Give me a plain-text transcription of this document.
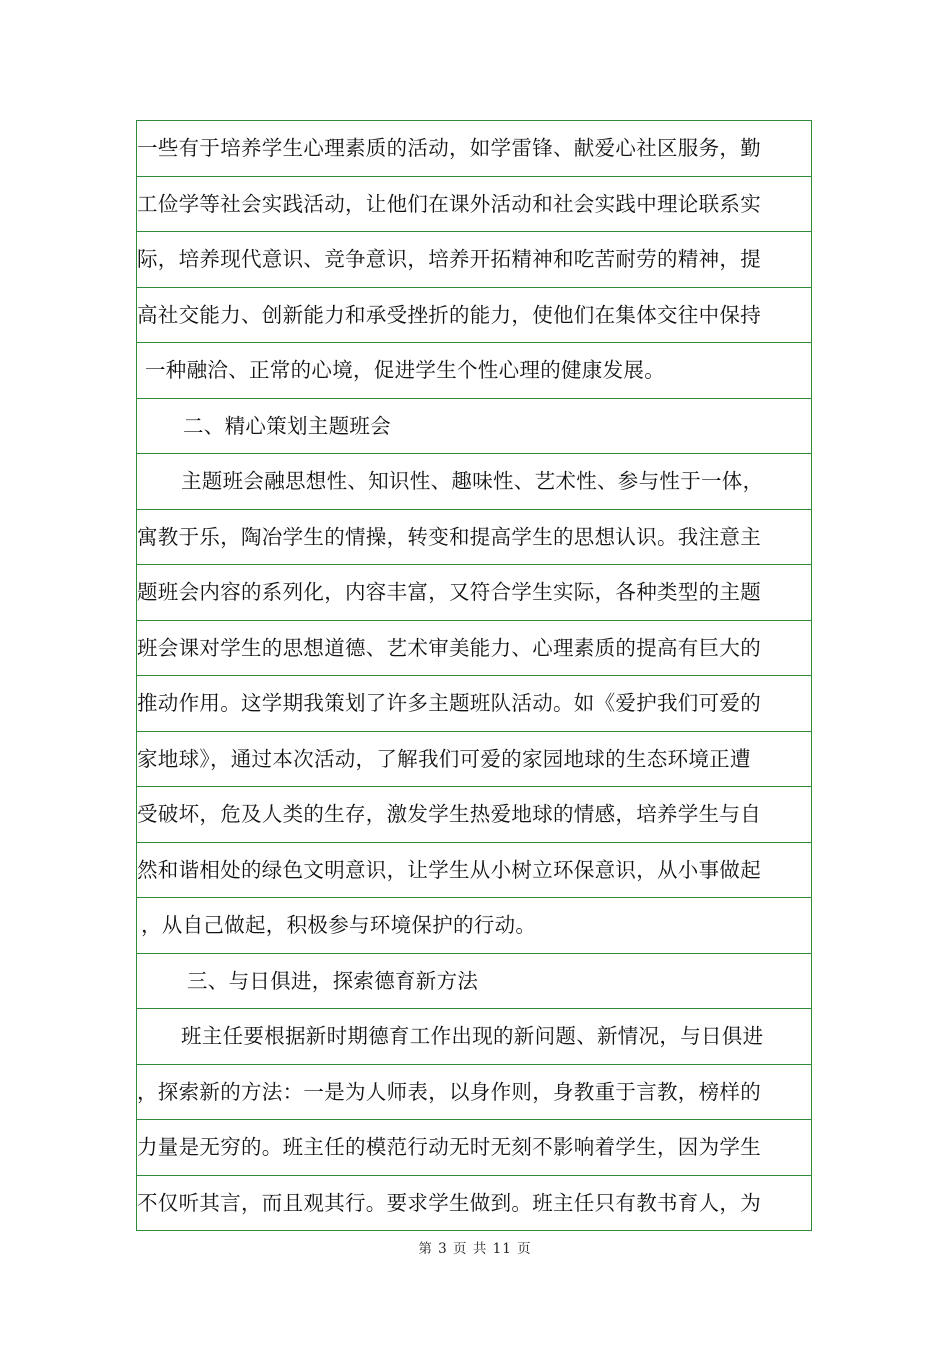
一些有于培养学生心理素质的活动，如学雷锋、献爱心社区服务，勤
工俭学等社会实践活动，让他们在课外活动和社会实践中理论联系实
际，培养现代意识、竞争意识，培养开拓精神和吃苦耐劳的精神，提
高社交能力、创新能力和承受挫折的能力，使他们在集体交往中保持
一种融洽、正常的心境，促进学生个性心理的健康发展。
二、精心策划主题班会
主题班会融思想性、知识性、趣味性、艺术性、参与性于一体，
寓教于乐，陶冶学生的情操，转变和提高学生的思想认识。我注意主
题班会内容的系列化，内容丰富，又符合学生实际，各种类型的主题
班会课对学生的思想道德、艺术审美能力、心理素质的提高有巨大的
推动作用。这学期我策划了许多主题班队活动。如《爱护我们可爱的
家地球》，通过本次活动，了解我们可爱的家园地球的生态环境正遭
受破坏，危及人类的生存，激发学生热爱地球的情感，培养学生与自
然和谐相处的绿色文明意识，让学生从小树立环保意识，从小事做起
，从自己做起，积极参与环境保护的行动。
三、与日俱进，探索德育新方法
班主任要根据新时期德育工作出现的新问题、新情况，与日俱进
，探索新的方法：一是为人师表，以身作则，身教重于言教，榜样的
力量是无穷的。班主任的模范行动无时无刻不影响着学生，因为学生
不仅听其言，而且观其行。要求学生做到。班主任只有教书育人，为
第 3 页 共 11 页
